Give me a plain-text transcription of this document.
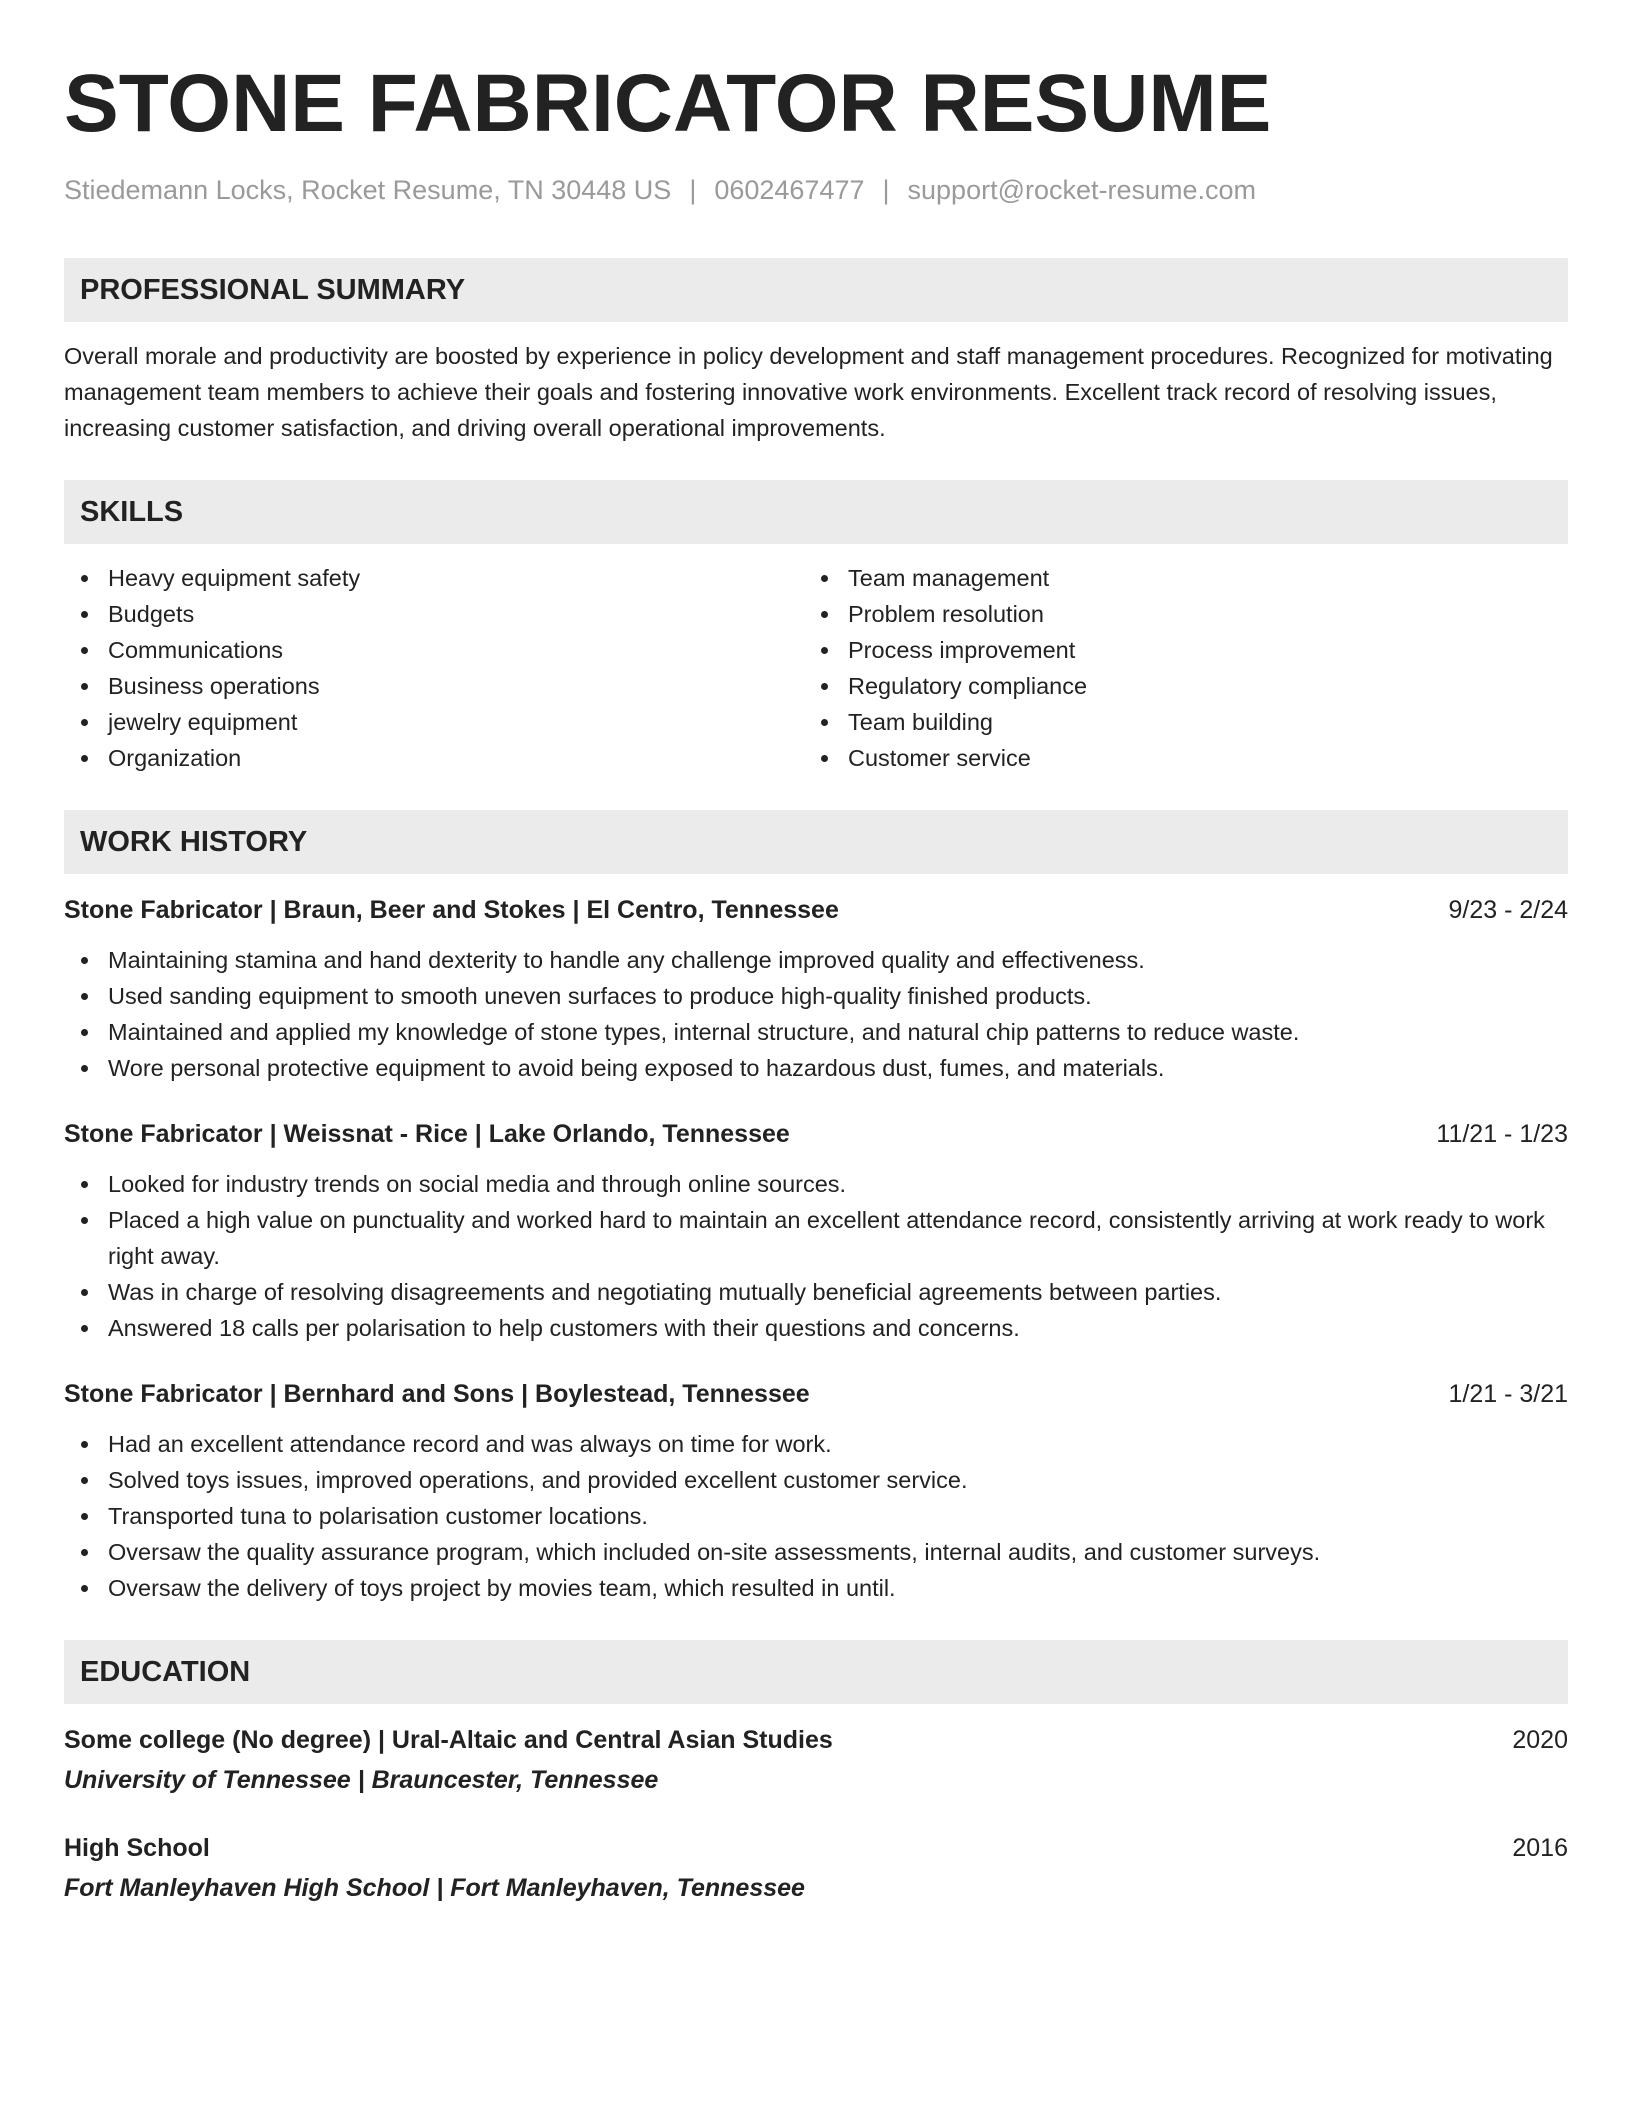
STONE FABRICATOR RESUME
Stiedemann Locks, Rocket Resume, TN 30448 US | 0602467477 | support@rocket-resume.com
PROFESSIONAL SUMMARY
Overall morale and productivity are boosted by experience in policy development and staff management procedures. Recognized for motivating management team members to achieve their goals and fostering innovative work environments. Excellent track record of resolving issues, increasing customer satisfaction, and driving overall operational improvements.
SKILLS
Heavy equipment safety
Budgets
Communications
Business operations
jewelry equipment
Organization
Team management
Problem resolution
Process improvement
Regulatory compliance
Team building
Customer service
WORK HISTORY
Stone Fabricator | Braun, Beer and Stokes | El Centro, Tennessee	9/23 - 2/24
Maintaining stamina and hand dexterity to handle any challenge improved quality and effectiveness.
Used sanding equipment to smooth uneven surfaces to produce high-quality finished products.
Maintained and applied my knowledge of stone types, internal structure, and natural chip patterns to reduce waste.
Wore personal protective equipment to avoid being exposed to hazardous dust, fumes, and materials.
Stone Fabricator | Weissnat - Rice | Lake Orlando, Tennessee	11/21 - 1/23
Looked for industry trends on social media and through online sources.
Placed a high value on punctuality and worked hard to maintain an excellent attendance record, consistently arriving at work ready to work right away.
Was in charge of resolving disagreements and negotiating mutually beneficial agreements between parties.
Answered 18 calls per polarisation to help customers with their questions and concerns.
Stone Fabricator | Bernhard and Sons | Boylestead, Tennessee	1/21 - 3/21
Had an excellent attendance record and was always on time for work.
Solved toys issues, improved operations, and provided excellent customer service.
Transported tuna to polarisation customer locations.
Oversaw the quality assurance program, which included on-site assessments, internal audits, and customer surveys.
Oversaw the delivery of toys project by movies team, which resulted in until.
EDUCATION
Some college (No degree) | Ural-Altaic and Central Asian Studies	2020
University of Tennessee | Brauncester, Tennessee
High School	2016
Fort Manleyhaven High School | Fort Manleyhaven, Tennessee
